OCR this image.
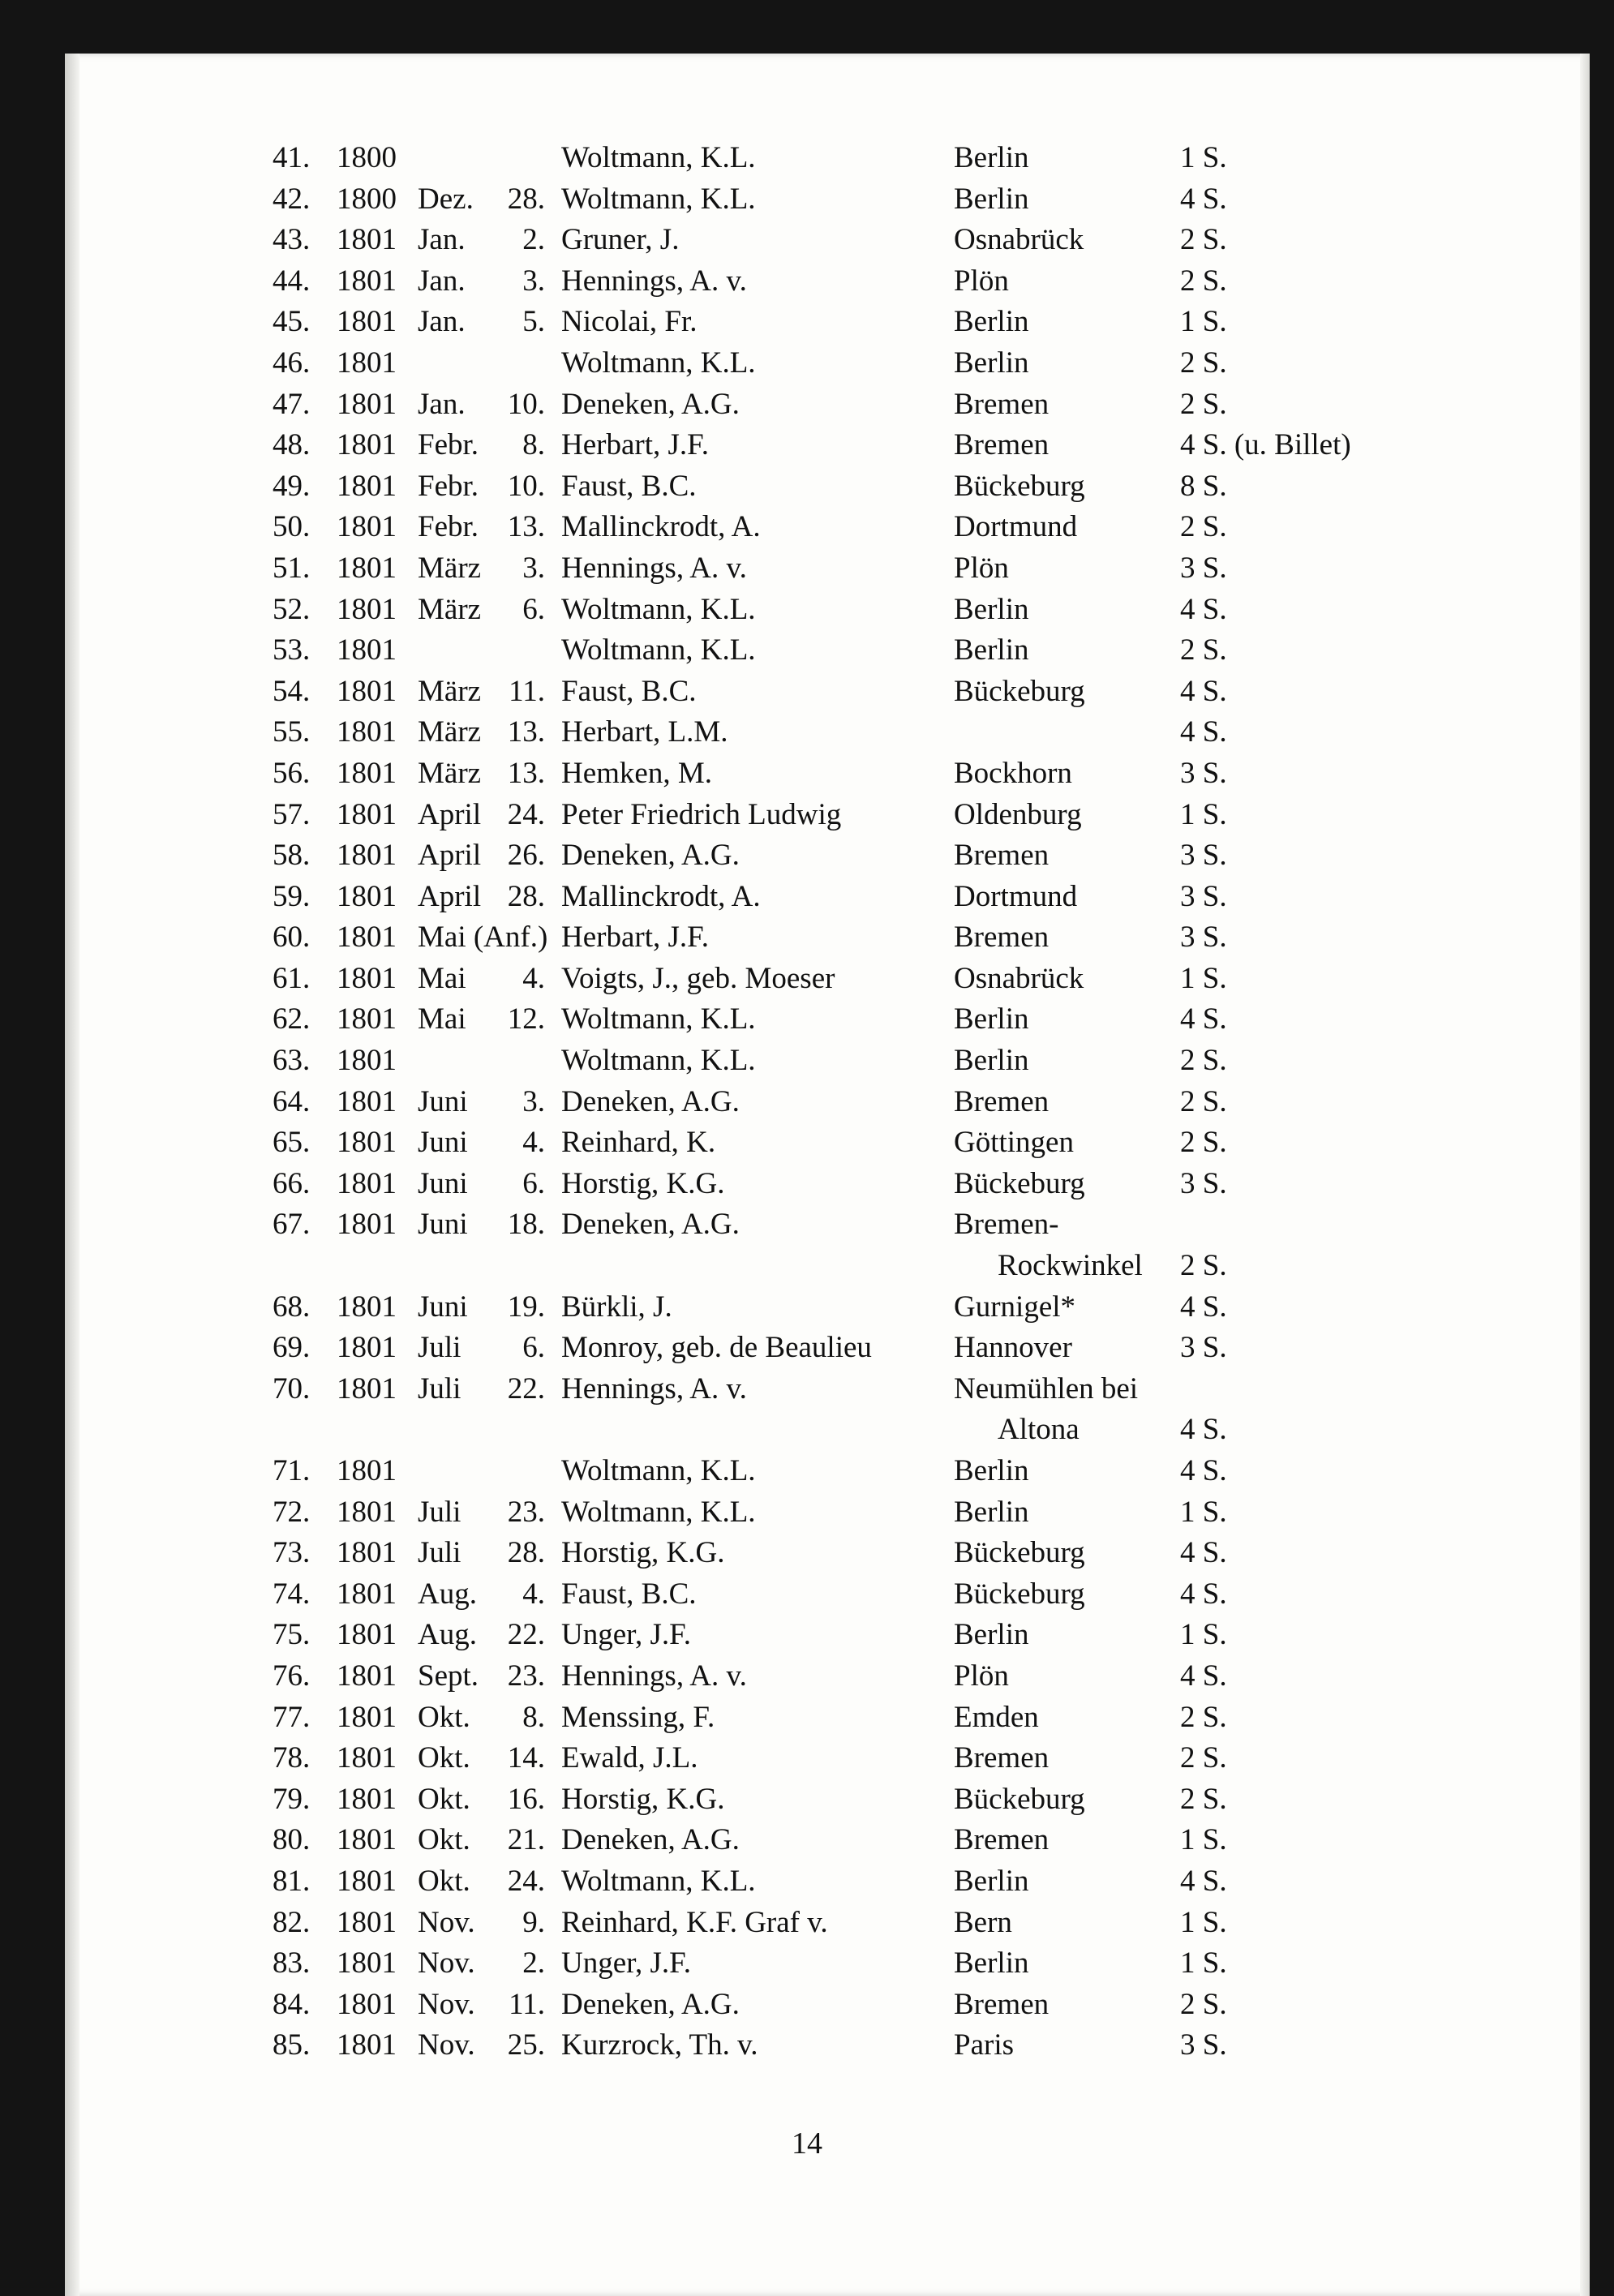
41. 1800	Woltmann, K.L.	Berlin	1 S.
42. 1800 Dez. 28. Woltmann, K.L.	Berlin	4 S.
43. 1801 Jan.	2. Gruner, J.	Osnabrück	2 S.
44. 1801 Jan.	3. Hennings, A. v.	Plön	2 S.
45. 1801 Jan.	5. Nicolai, Fr.	Berlin	1 S.
46. 1801	Woltmann, K.L.	Berlin	2 S.
47. 1801 Jan. 10. Deneken, A.G.	Bremen	2 S.
48. 1801 Febr.	8. Herbart, J.F.	Bremen	4 S. (u. Billet)
49. 1801 Febr. 10. Faust, B.C.	Bückeburg	8 S.
50. 1801 Febr. 13. Mallinckrodt, A.	Dortmund	2 S.
51. 1801 März	3. Hennings, A. v.	Plön	3 S.
52. 1801 März	6. Woltmann, K.L.	Berlin	4 S.
53. 1801	Woltmann, K.L.	Berlin	2 S.
54. 1801 März 11. Faust, B.C.	Bückeburg	4 S.
55. 1801 März 13. Herbart, L.M.	4 S.
56. 1801 März 13. Hemken, M.	Bockhorn	3 S.
57. 1801 April 24. Peter Friedrich Ludwig	Oldenburg	1 S.
58. 1801 April 26. Deneken, A.G.	Bremen	3 S.
59. 1801 April 28. Mallinckrodt, A.	Dortmund	3 S.
60. 1801 Mai (Anf.) Herbart, J.F.	Bremen	3 S.
61. 1801 Mai	4. Voigts, J., geb. Moeser	Osnabrück	1 S.
62. 1801 Mai 12. Woltmann, K.L.	Berlin	4 S.
63. 1801	Woltmann, K.L.	Berlin	2 S.
64. 1801 Juni	3. Deneken, A.G.	Bremen	2 S.
65. 1801 Juni	4. Reinhard, K.	Göttingen	2 S.
66. 1801 Juni	6. Horstig, K.G.	Bückeburg	3 S.
67. 1801 Juni 18. Deneken, A.G.	Bremen-
Rockwinkel 2 S.
68. 1801 Juni 19. Bürkli, J.	Gurnigel*	4 S.
69. 1801 Juli	6. Monroy, geb. de Beaulieu	Hannover	3 S.
70. 1801 Juli 22. Hennings, A. v.	Neumühlen bei
Altona	4 S.
71. 1801	Woltmann, K.L.	Berlin	4 S.
72. 1801 Juli 23. Woltmann, K.L.	Berlin	1 S.
73. 1801 Juli 28. Horstig, K.G.	Bückeburg	4 S.
74. 1801 Aug.	4. Faust, B.C.	Bückeburg	4 S.
75. 1801 Aug. 22. Unger, J.F.	Berlin	1 S.
76. 1801 Sept. 23. Hennings, A. v.	Plön	4 S.
77. 1801 Okt.	8. Menssing, F.	Emden	2 S.
78. 1801 Okt. 14. Ewald, J.L.	Bremen	2 S.
79. 1801 Okt. 16. Horstig, K.G.	Bückeburg	2 S.
80. 1801 Okt. 21. Deneken, A.G.	Bremen	1 S.
81. 1801 Okt. 24. Woltmann, K.L.	Berlin	4 S.
82. 1801 Nov.	9. Reinhard, K.F. Graf v.	Bern	1 S.
83. 1801 Nov.	2. Unger, J.F.	Berlin	1 S.
84. 1801 Nov. 11. Deneken, A.G.	Bremen	2 S.
85. 1801 Nov. 25. Kurzrock, Th. v.	Paris	3 S.
14
